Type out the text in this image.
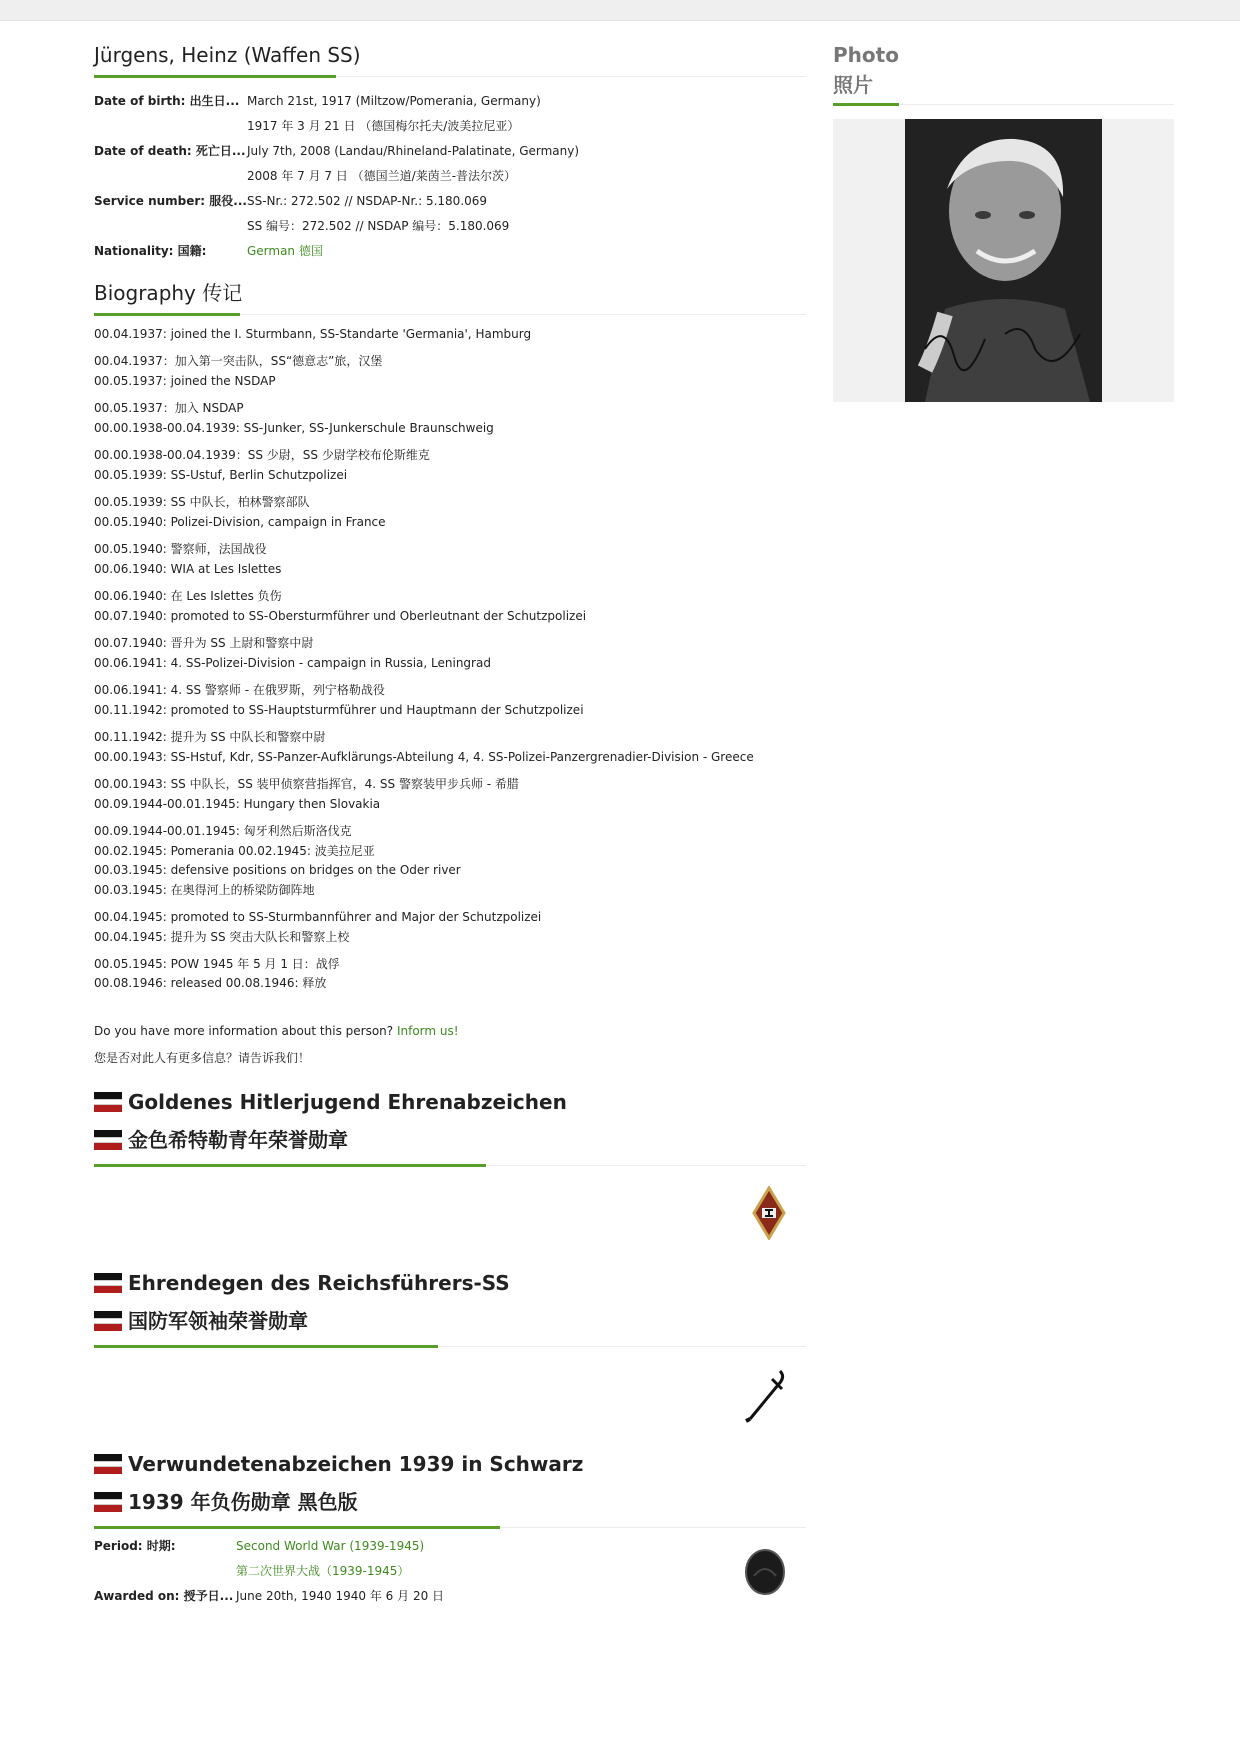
Jürgens, Heinz (Waffen SS)
Date of birth: 出生日...	March 21st, 1917 (Miltzow/Pomerania, Germany)
	1917 年 3 月 21 日 （德国梅尔托夫/波美拉尼亚）
Date of death: 死亡日...	July 7th, 2008 (Landau/Rhineland-Palatinate, Germany)
	2008 年 7 月 7 日 （德国兰道/莱茵兰-普法尔茨）
Service number: 服役...	SS-Nr.: 272.502 // NSDAP-Nr.: 5.180.069
	SS 编号：272.502 // NSDAP 编号：5.180.069
Nationality: 国籍:	German 德国
Biography 传记
00.04.1937: joined the I. Sturmbann, SS-Standarte 'Germania', Hamburg
00.04.1937：加入第一突击队，SS“德意志”旅，汉堡
00.05.1937: joined the NSDAP
00.05.1937：加入 NSDAP
00.00.1938-00.04.1939: SS-Junker, SS-Junkerschule Braunschweig
00.00.1938-00.04.1939：SS 少尉，SS 少尉学校布伦斯维克
00.05.1939: SS-Ustuf, Berlin Schutzpolizei
00.05.1939: SS 中队长，柏林警察部队
00.05.1940: Polizei-Division, campaign in France
00.05.1940: 警察师，法国战役
00.06.1940: WIA at Les Islettes
00.06.1940: 在 Les Islettes 负伤
00.07.1940: promoted to SS-Obersturmführer und Oberleutnant der Schutzpolizei
00.07.1940: 晋升为 SS 上尉和警察中尉
00.06.1941: 4. SS-Polizei-Division - campaign in Russia, Leningrad
00.06.1941: 4. SS 警察师 - 在俄罗斯，列宁格勒战役
00.11.1942: promoted to SS-Hauptsturmführer und Hauptmann der Schutzpolizei
00.11.1942: 提升为 SS 中队长和警察中尉
00.00.1943: SS-Hstuf, Kdr, SS-Panzer-Aufklärungs-Abteilung 4, 4. SS-Polizei-Panzergrenadier-Division - Greece
00.00.1943: SS 中队长，SS 装甲侦察营指挥官，4. SS 警察装甲步兵师 - 希腊
00.09.1944-00.01.1945: Hungary then Slovakia
00.09.1944-00.01.1945: 匈牙利然后斯洛伐克
00.02.1945: Pomerania 00.02.1945: 波美拉尼亚
00.03.1945: defensive positions on bridges on the Oder river
00.03.1945: 在奥得河上的桥梁防御阵地
00.04.1945: promoted to SS-Sturmbannführer and Major der Schutzpolizei
00.04.1945: 提升为 SS 突击大队长和警察上校
00.05.1945: POW 1945 年 5 月 1 日：战俘
00.08.1946: released 00.08.1946: 释放
Do you have more information about this person? Inform us!
您是否对此人有更多信息？请告诉我们！
Goldenes Hitlerjugend Ehrenabzeichen
金色希特勒青年荣誉勋章
Ehrendegen des Reichsführers-SS
国防军领袖荣誉勋章
Verwundetenabzeichen 1939 in Schwarz
1939 年负伤勋章 黑色版
Period: 时期:	Second World War (1939-1945)
	第二次世界大战（1939-1945）
Awarded on: 授予日...	June 20th, 1940 1940 年 6 月 20 日
Photo
照片
